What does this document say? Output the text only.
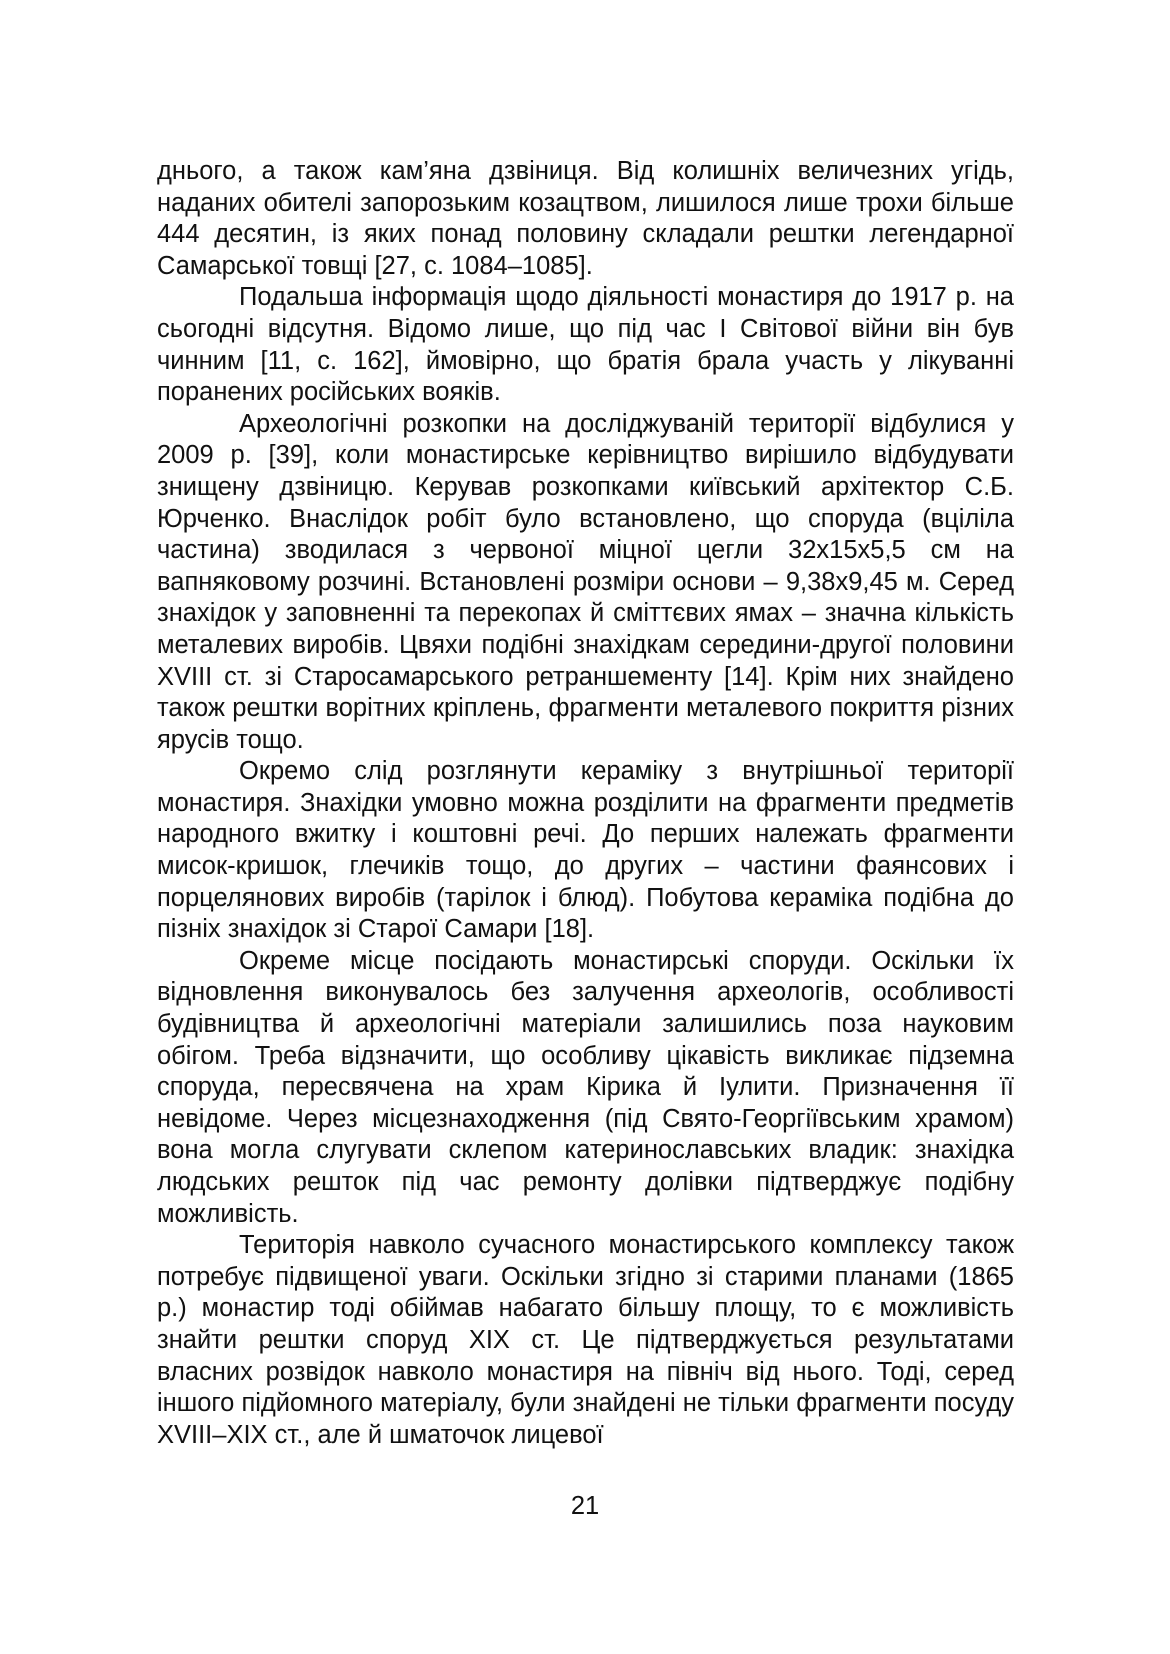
днього, а також кам’яна дзвіниця. Від колишніх величезних угідь, наданих обителі запорозьким козацтвом, лишилося лише трохи більше 444 десятин, із яких понад половину складали рештки легендарної Самарської товщі [27, с. 1084–1085].

Подальша інформація щодо діяльності монастиря до 1917 р. на сьогодні відсутня. Відомо лише, що під час І Світової війни він був чинним [11, с. 162], ймовірно, що братія брала участь у лікуванні поранених російських вояків.

Археологічні розкопки на досліджуваній території відбулися у 2009 р. [39], коли монастирське керівництво вирішило відбудувати знищену дзвіницю. Керував розкопками київський архітектор С.Б. Юрченко. Внаслідок робіт було встановлено, що споруда (вціліла частина) зводилася з червоної міцної цегли 32х15х5,5 см на вапняковому розчині. Встановлені розміри основи – 9,38х9,45 м. Серед знахідок у заповненні та перекопах й сміттєвих ямах – значна кількість металевих виробів. Цвяхи подібні знахідкам середини-другої половини XVIII ст. зі Старосамарського ретраншементу [14]. Крім них знайдено також рештки ворітних кріплень, фрагменти металевого покриття різних ярусів тощо.

Окремо слід розглянути кераміку з внутрішньої території монастиря. Знахідки умовно можна розділити на фрагменти предметів народного вжитку і коштовні речі. До перших належать фрагменти мисок-кришок, глечиків тощо, до других – частини фаянсових і порцелянових виробів (тарілок і блюд). Побутова кераміка подібна до пізніх знахідок зі Старої Самари [18].

Окреме місце посідають монастирські споруди. Оскільки їх відновлення виконувалось без залучення археологів, особливості будівництва й археологічні матеріали залишились поза науковим обігом. Треба відзначити, що особливу цікавість викликає підземна споруда, пересвячена на храм Кірика й Іулити. Призначення її невідоме. Через місцезнаходження (під Свято-Георгіївським храмом) вона могла слугувати склепом катеринославських владик: знахідка людських решток під час ремонту долівки підтверджує подібну можливість.

Територія навколо сучасного монастирського комплексу також потребує підвищеної уваги. Оскільки згідно зі старими планами (1865 р.) монастир тоді обіймав набагато більшу площу, то є можливість знайти рештки споруд XIX ст. Це підтверджується результатами власних розвідок навколо монастиря на північ від нього. Тоді, серед іншого підйомного матеріалу, були знайдені не тільки фрагменти посуду XVIII–XIX ст., але й шматочок лицевої

21
